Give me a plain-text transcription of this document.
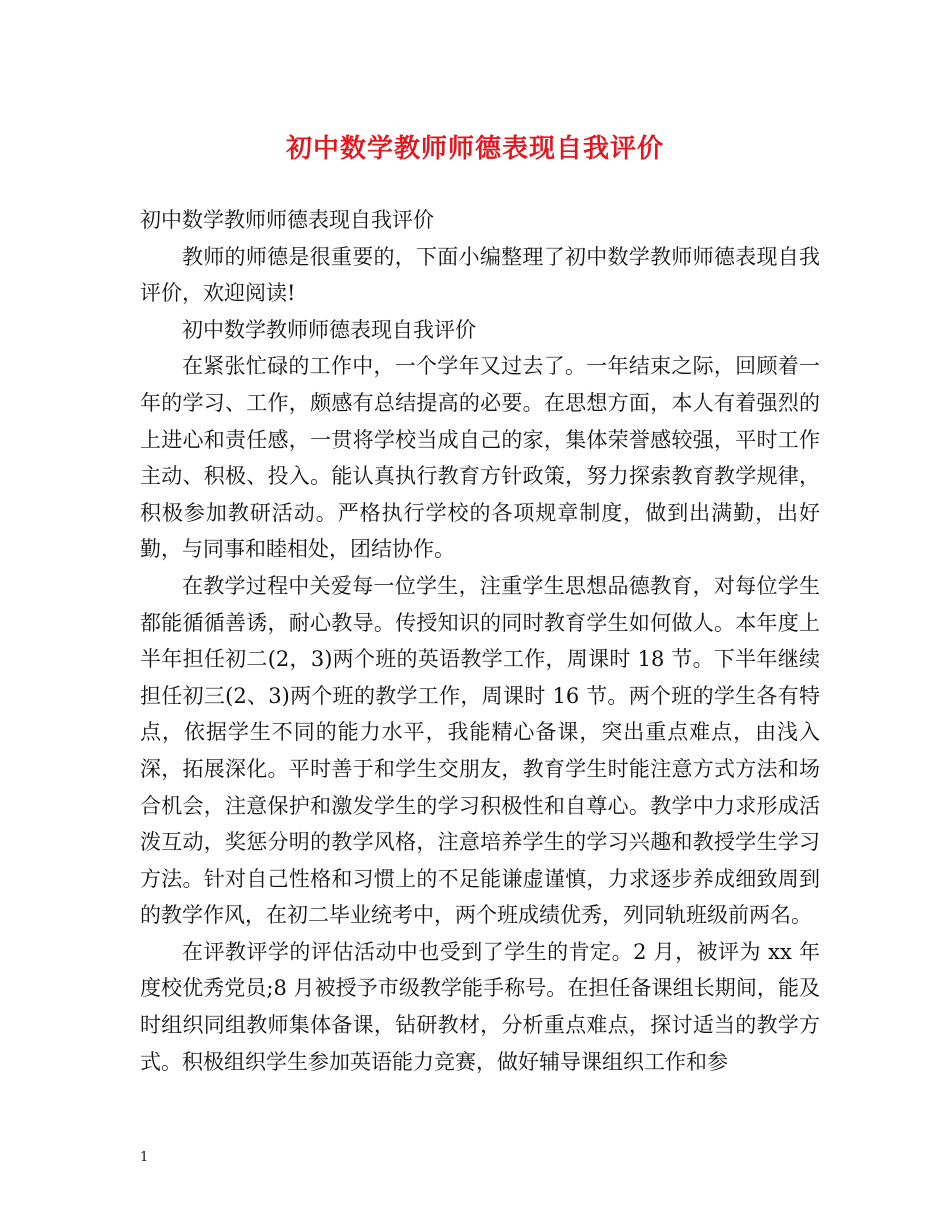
初中数学教师师德表现自我评价

初中数学教师师德表现自我评价

教师的师德是很重要的，下面小编整理了初中数学教师师德表现自我评价，欢迎阅读!

初中数学教师师德表现自我评价

在紧张忙碌的工作中，一个学年又过去了。一年结束之际，回顾着一年的学习、工作，颇感有总结提高的必要。在思想方面，本人有着强烈的上进心和责任感，一贯将学校当成自己的家，集体荣誉感较强，平时工作主动、积极、投入。能认真执行教育方针政策，努力探索教育教学规律，积极参加教研活动。严格执行学校的各项规章制度，做到出满勤，出好勤，与同事和睦相处，团结协作。

在教学过程中关爱每一位学生，注重学生思想品德教育，对每位学生都能循循善诱，耐心教导。传授知识的同时教育学生如何做人。本年度上半年担任初二(2，3)两个班的英语教学工作，周课时 18 节。下半年继续担任初三(2、3)两个班的教学工作，周课时 16 节。两个班的学生各有特点，依据学生不同的能力水平，我能精心备课，突出重点难点，由浅入深，拓展深化。平时善于和学生交朋友，教育学生时能注意方式方法和场合机会，注意保护和激发学生的学习积极性和自尊心。教学中力求形成活泼互动，奖惩分明的教学风格，注意培养学生的学习兴趣和教授学生学习方法。针对自己性格和习惯上的不足能谦虚谨慎，力求逐步养成细致周到的教学作风，在初二毕业统考中，两个班成绩优秀，列同轨班级前两名。

在评教评学的评估活动中也受到了学生的肯定。2 月，被评为 xx 年度校优秀党员;8 月被授予市级教学能手称号。在担任备课组长期间，能及时组织同组教师集体备课，钻研教材，分析重点难点，探讨适当的教学方式。积极组织学生参加英语能力竞赛，做好辅导课组织工作和参

1
